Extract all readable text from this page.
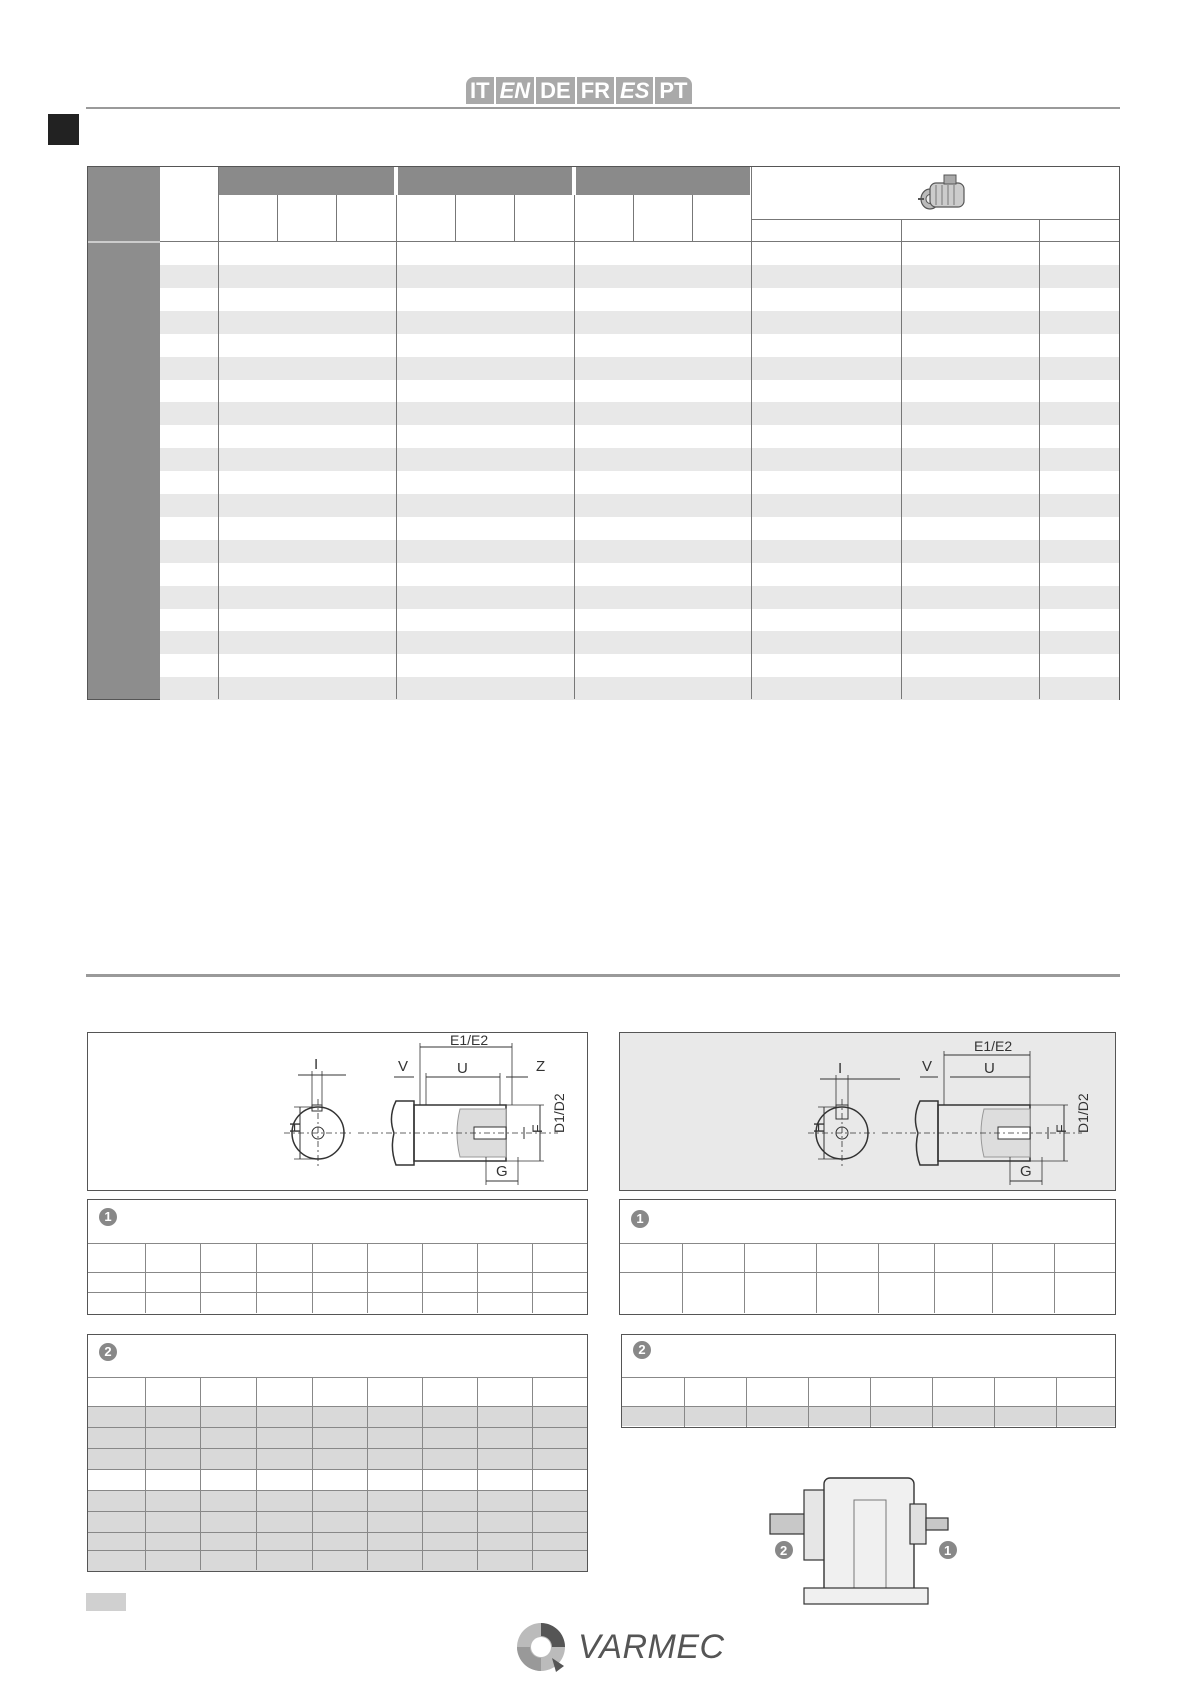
IT EN DE FR ES PT
I	V	Z
E1/E2
U
H	F D1/D2
G
I	V
E1/E2
U
H	F D1/D2
G
1	1
2	2
2	1
VARMEC
